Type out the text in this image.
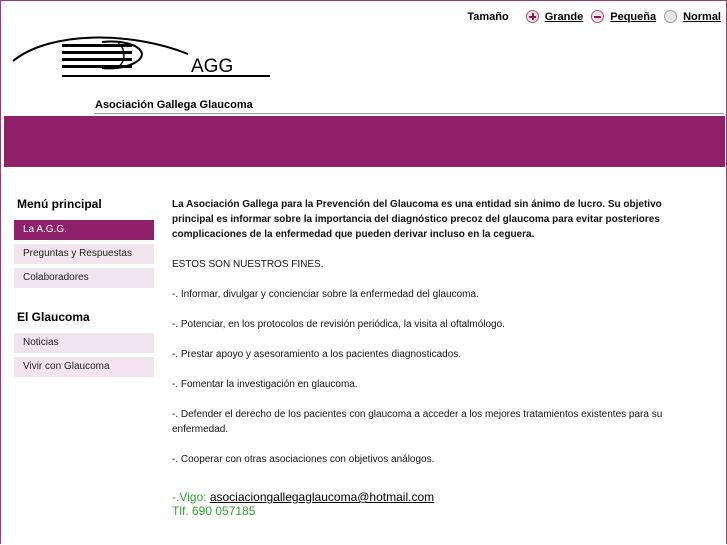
Tamaño	Grande Pequeña Normal
AGG
Asociación Gallega Glaucoma
Menú principal
La A.G.G.
Preguntas y Respuestas
Colaboradores
El Glaucoma
Noticias
Vivir con Glaucoma

La Asociación Gallega para la Prevención del Glaucoma es una entidad sin ánimo de lucro. Su objetivo principal es informar sobre la importancia del diagnóstico precoz del glaucoma para evitar posteriores complicaciones de la enfermedad que pueden derivar incluso en la ceguera.

ESTOS SON NUESTROS FINES.

-. Informar, divulgar y concienciar sobre la enfermedad del glaucoma.

-. Potenciar, en los protocolos de revisión periódica, la visita al oftalmólogo.

-. Prestar apoyo y asesoramiento a los pacientes diagnosticados.

-. Fomentar la investigación en glaucoma.

-. Defender el derecho de los pacientes con glaucoma a acceder a los mejores tratamientos existentes para su enfermedad.

-. Cooperar con otras asociaciones con objetivos análogos.

-.Vigo: asociaciongallegaglaucoma@hotmail.com
Tlf. 690 057185
